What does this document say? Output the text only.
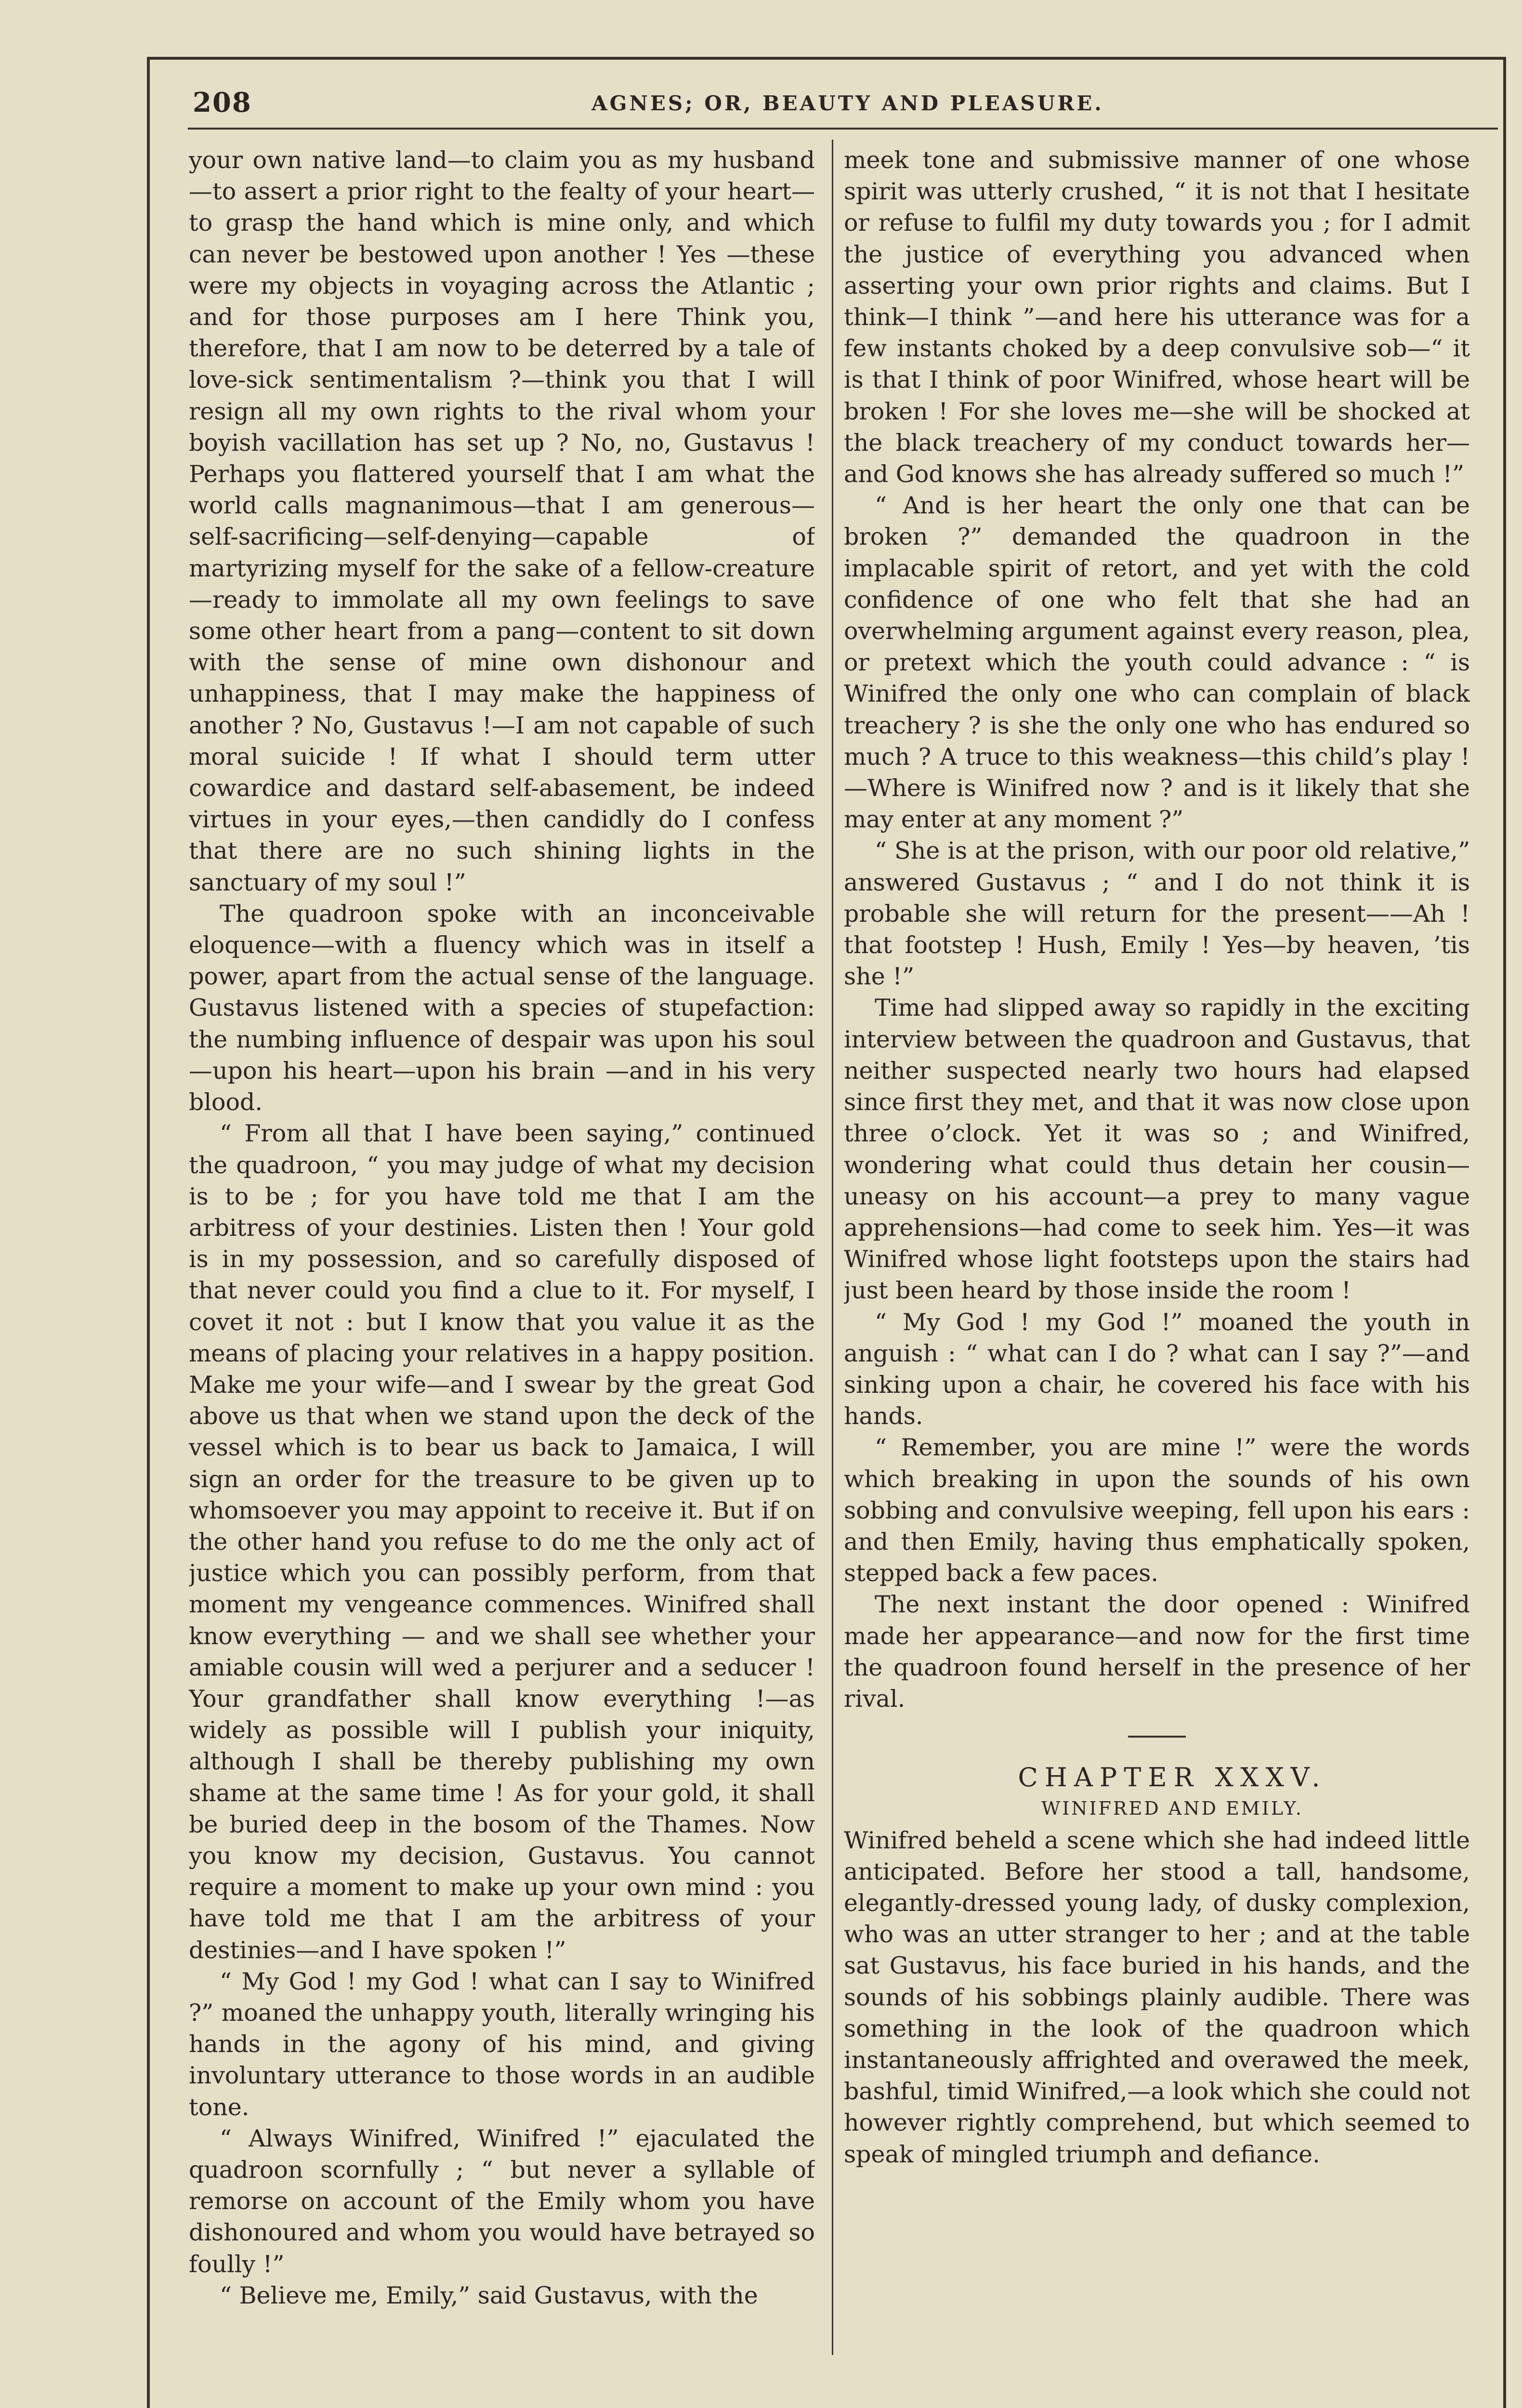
208	AGNES; OR, BEAUTY AND PLEASURE.

your own native land—to claim you as my husband—to assert a prior right to the fealty of your heart—to grasp the hand which is mine only, and which can never be bestowed upon another ! Yes —these were my objects in voyaging across the Atlantic ; and for those purposes am I here Think you, therefore, that I am now to be deterred by a tale of love-sick sentimentalism ?—think you that I will resign all my own rights to the rival whom your boyish vacillation has set up ? No, no, Gustavus ! Perhaps you flattered yourself that I am what the world calls magnanimous—that I am generous—self-sacrificing—self-denying—capable of martyrizing myself for the sake of a fellow-creature—ready to immolate all my own feelings to save some other heart from a pang—content to sit down with the sense of mine own dishonour and unhappiness, that I may make the happiness of another ? No, Gustavus !—I am not capable of such moral suicide ! If what I should term utter cowardice and dastard self-abasement, be indeed virtues in your eyes,—then candidly do I confess that there are no such shining lights in the sanctuary of my soul !”

The quadroon spoke with an inconceivable eloquence—with a fluency which was in itself a power, apart from the actual sense of the language. Gustavus listened with a species of stupefaction: the numbing influence of despair was upon his soul—upon his heart—upon his brain —and in his very blood.

“ From all that I have been saying,” continued the quadroon, “ you may judge of what my decision is to be ; for you have told me that I am the arbitress of your destinies. Listen then ! Your gold is in my possession, and so carefully disposed of that never could you find a clue to it. For myself, I covet it not : but I know that you value it as the means of placing your relatives in a happy position. Make me your wife—and I swear by the great God above us that when we stand upon the deck of the vessel which is to bear us back to Jamaica, I will sign an order for the treasure to be given up to whomsoever you may appoint to receive it. But if on the other hand you refuse to do me the only act of justice which you can possibly perform, from that moment my vengeance commences. Winifred shall know everything — and we shall see whether your amiable cousin will wed a perjurer and a seducer ! Your grandfather shall know everything !—as widely as possible will I publish your iniquity, although I shall be thereby publishing my own shame at the same time ! As for your gold, it shall be buried deep in the bosom of the Thames. Now you know my decision, Gustavus. You cannot require a moment to make up your own mind : you have told me that I am the arbitress of your destinies—and I have spoken !”

“ My God ! my God ! what can I say to Winifred ?” moaned the unhappy youth, literally wringing his hands in the agony of his mind, and giving involuntary utterance to those words in an audible tone.

“ Always Winifred, Winifred !” ejaculated the quadroon scornfully ; “ but never a syllable of remorse on account of the Emily whom you have dishonoured and whom you would have betrayed so foully !”

“ Believe me, Emily,” said Gustavus, with the

meek tone and submissive manner of one whose spirit was utterly crushed, “ it is not that I hesitate or refuse to fulfil my duty towards you ; for I admit the justice of everything you advanced when asserting your own prior rights and claims. But I think—I think ”—and here his utterance was for a few instants choked by a deep convulsive sob—“ it is that I think of poor Winifred, whose heart will be broken ! For she loves me—she will be shocked at the black treachery of my conduct towards her—and God knows she has already suffered so much !”

“ And is her heart the only one that can be broken ?” demanded the quadroon in the implacable spirit of retort, and yet with the cold confidence of one who felt that she had an overwhelming argument against every reason, plea, or pretext which the youth could advance : “ is Winifred the only one who can complain of black treachery ? is she the only one who has endured so much ? A truce to this weakness—this child’s play !—Where is Winifred now ? and is it likely that she may enter at any moment ?”

“ She is at the prison, with our poor old relative,” answered Gustavus ; “ and I do not think it is probable she will return for the present——Ah ! that footstep ! Hush, Emily ! Yes—by heaven, ’tis she !”

Time had slipped away so rapidly in the exciting interview between the quadroon and Gustavus, that neither suspected nearly two hours had elapsed since first they met, and that it was now close upon three o’clock. Yet it was so ; and Winifred, wondering what could thus detain her cousin—uneasy on his account—a prey to many vague apprehensions—had come to seek him. Yes—it was Winifred whose light footsteps upon the stairs had just been heard by those inside the room !

“ My God ! my God !” moaned the youth in anguish : “ what can I do ? what can I say ?”—and sinking upon a chair, he covered his face with his hands.

“ Remember, you are mine !” were the words which breaking in upon the sounds of his own sobbing and convulsive weeping, fell upon his ears : and then Emily, having thus emphatically spoken, stepped back a few paces.

The next instant the door opened : Winifred made her appearance—and now for the first time the quadroon found herself in the presence of her rival.

CHAPTER XXXV.

WINIFRED AND EMILY.

Winifred beheld a scene which she had indeed little anticipated. Before her stood a tall, handsome, elegantly-dressed young lady, of dusky complexion, who was an utter stranger to her ; and at the table sat Gustavus, his face buried in his hands, and the sounds of his sobbings plainly audible. There was something in the look of the quadroon which instantaneously affrighted and overawed the meek, bashful, timid Winifred,—a look which she could not however rightly comprehend, but which seemed to speak of mingled triumph and defiance.
